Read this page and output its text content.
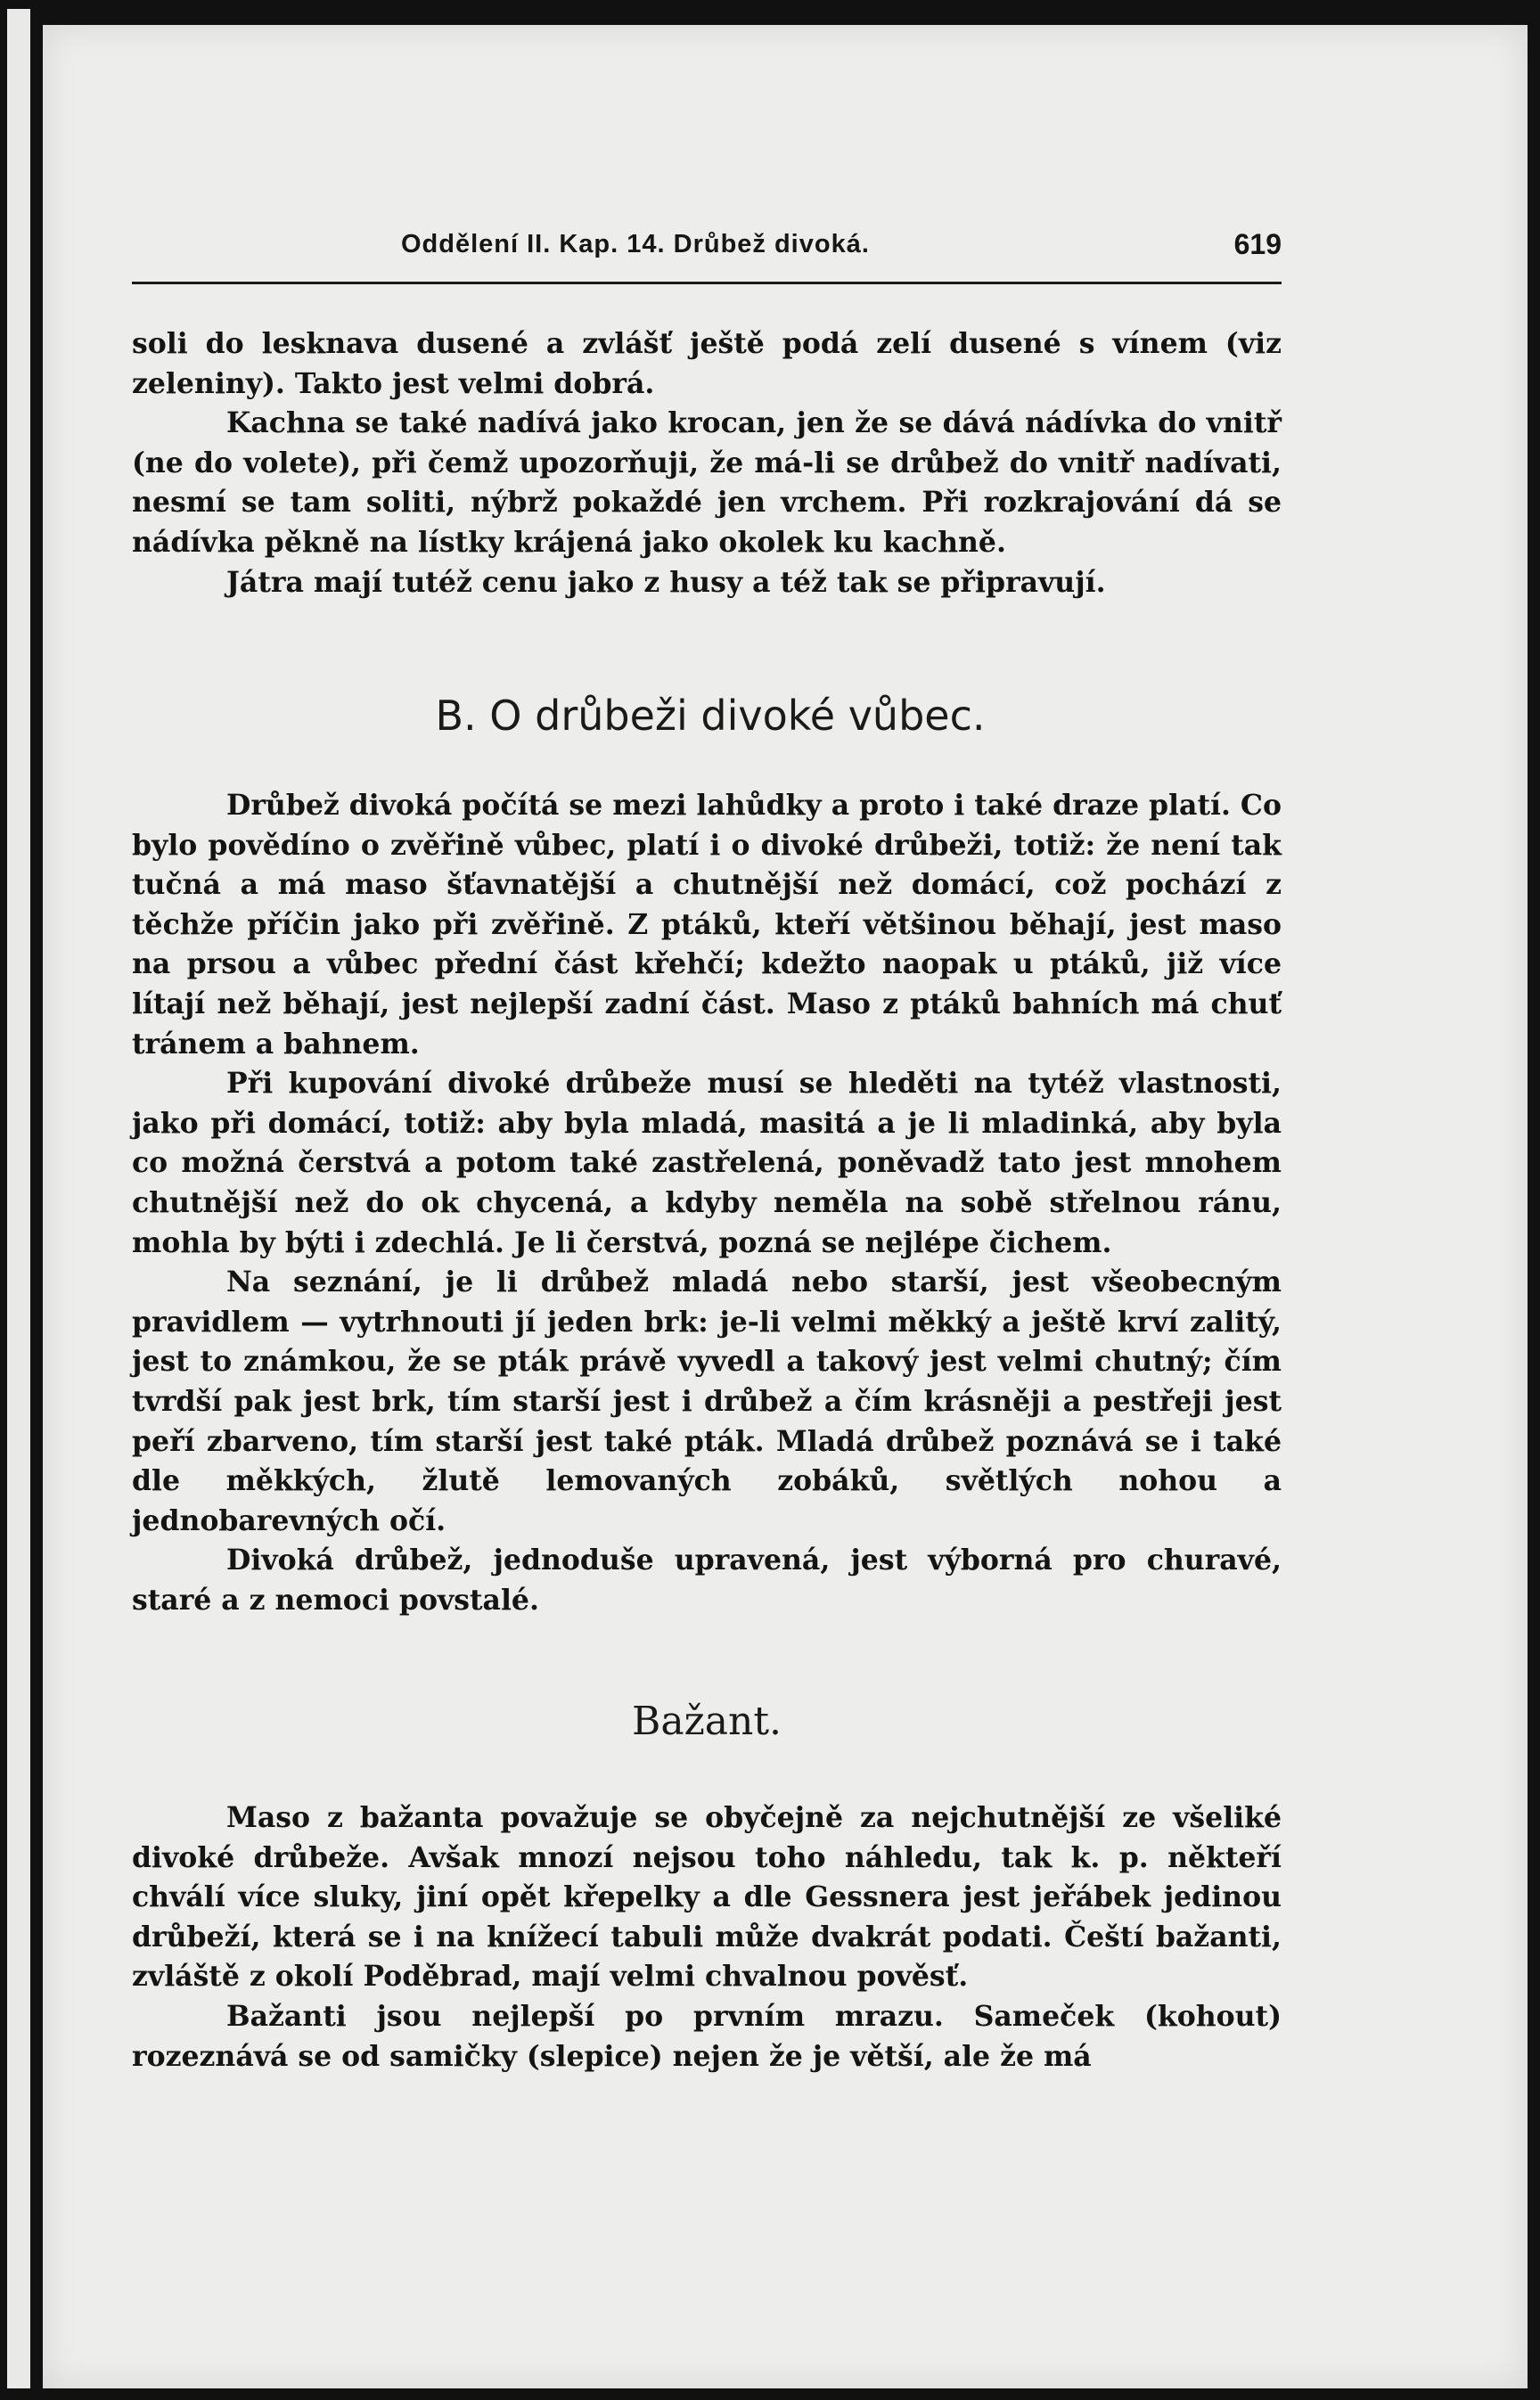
Oddělení II. Kap. 14. Drůbež divoká.	619

soli do lesknava dusené a zvlášť ještě podá zelí dusené s vínem (viz zeleniny). Takto jest velmi dobrá.

Kachna se také nadívá jako krocan, jen že se dává nádívka do vnitř (ne do volete), při čemž upozorňuji, že má-li se drůbež do vnitř nadívati, nesmí se tam soliti, nýbrž pokaždé jen vrchem. Při rozkrajování dá se nádívka pěkně na lístky krájená jako okolek ku kachně.

Játra mají tutéž cenu jako z husy a též tak se připravují.

B. O drůbeži divoké vůbec.

Drůbež divoká počítá se mezi lahůdky a proto i také draze platí. Co bylo povědíno o zvěřině vůbec, platí i o divoké drůbeži, totiž: že není tak tučná a má maso šťavnatější a chutnější než domácí, což pochází z těchže příčin jako při zvěřině. Z ptáků, kteří většinou běhají, jest maso na prsou a vůbec přední část křehčí; kdežto naopak u ptáků, již více lítají než běhají, jest nejlepší zadní část. Maso z ptáků bahních má chuť tránem a bahnem.

Při kupování divoké drůbeže musí se hleděti na tytéž vlastnosti, jako při domácí, totiž: aby byla mladá, masitá a je li mladinká, aby byla co možná čerstvá a potom také zastřelená, poněvadž tato jest mnohem chutnější než do ok chycená, a kdyby neměla na sobě střelnou ránu, mohla by býti i zdechlá. Je li čerstvá, pozná se nejlépe čichem.

Na seznání, je li drůbež mladá nebo starší, jest všeobecným pravidlem — vytrhnouti jí jeden brk: je-li velmi měkký a ještě krví zalitý, jest to známkou, že se pták právě vyvedl a takový jest velmi chutný; čím tvrdší pak jest brk, tím starší jest i drůbež a čím krásněji a pestřeji jest peří zbarveno, tím starší jest také pták. Mladá drůbež poznává se i také dle měkkých, žlutě lemovaných zobáků, světlých nohou a jednobarevných očí.

Divoká drůbež, jednoduše upravená, jest výborná pro churavé, staré a z nemoci povstalé.

Bažant.

Maso z bažanta považuje se obyčejně za nejchutnější ze všeliké divoké drůbeže. Avšak mnozí nejsou toho náhledu, tak k. p. někteří chválí více sluky, jiní opět křepelky a dle Gessnera jest jeřábek jedinou drůbeží, která se i na knížecí tabuli může dvakrát podati. Čeští bažanti, zvláště z okolí Poděbrad, mají velmi chvalnou pověsť.

Bažanti jsou nejlepší po prvním mrazu. Sameček (kohout) rozeznává se od samičky (slepice) nejen že je větší, ale že má
